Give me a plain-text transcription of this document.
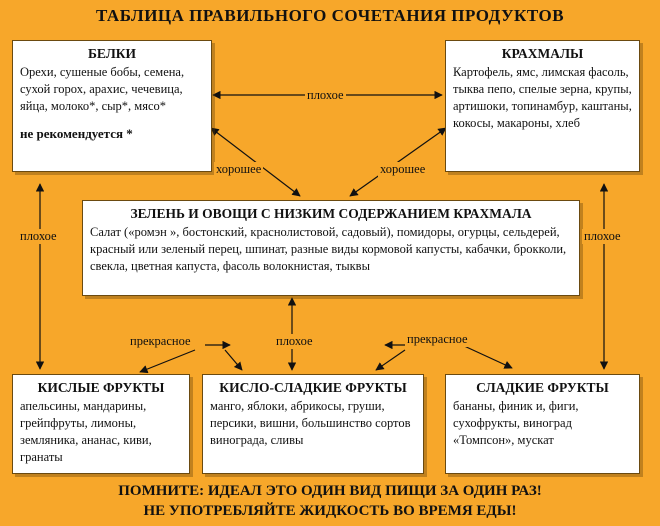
ТАБЛИЦА ПРАВИЛЬНОГО СОЧЕТАНИЯ ПРОДУКТОВ
БЕЛКИ
Орехи, сушеные бобы, семена, сухой горох, арахис, чечевица, яйца, молоко*, сыр*, мясо*
не рекомендуется *
КРАХМАЛЫ
Картофель, ямс, лимская фасоль, тыква пепо, спелые зерна, крупы, артишоки, топинамбур, каштаны, кокосы, макароны, хлеб
ЗЕЛЕНЬ И ОВОЩИ С НИЗКИМ СОДЕРЖАНИЕМ КРАХМАЛА
Салат («ромэн », бостонский, краснолистовой, садовый), помидоры, огурцы, сельдерей, красный или зеленый перец, шпинат, разные виды кормовой капусты, кабачки, брокколи, свекла, цветная капуста, фасоль волокнистая, тыквы
КИСЛЫЕ ФРУКТЫ
апельсины, мандарины, грейпфруты, лимоны, земляника, ананас, киви, гранаты
КИСЛО-СЛАДКИЕ ФРУКТЫ
манго, яблоки, абрикосы, груши, персики, вишни, большинство сортов винограда, сливы
СЛАДКИЕ ФРУКТЫ
бананы, финик и, фиги, сухофрукты, виноград «Томпсон», мускат
плохое
хорошее	хорошее
плохое	плохое
прекрасное	плохое	прекрасное
ПОМНИТЕ: ИДЕАЛ ЭТО ОДИН ВИД ПИЩИ ЗА ОДИН РАЗ!
НЕ УПОТРЕБЛЯЙТЕ ЖИДКОСТЬ ВО ВРЕМЯ ЕДЫ!
